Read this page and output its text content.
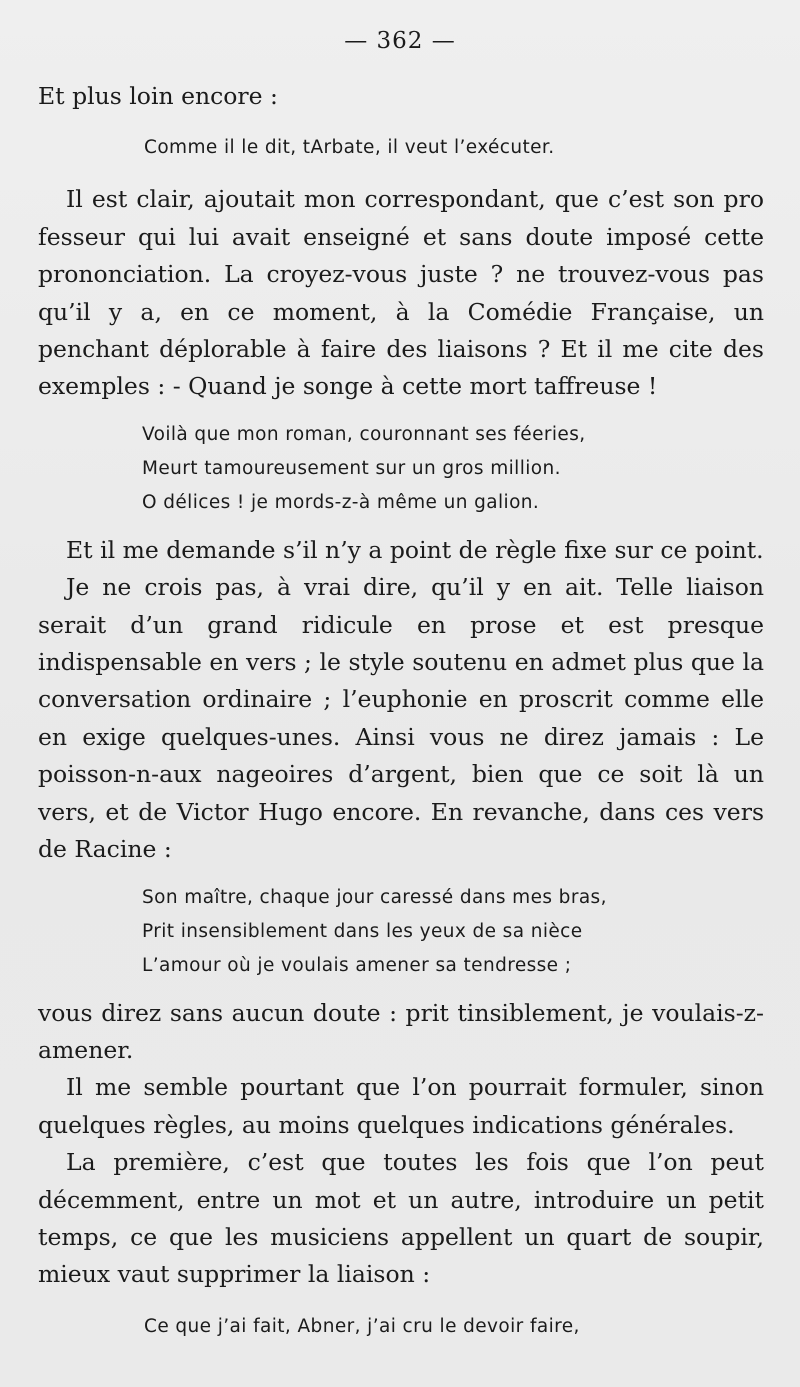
— 362 —

Et plus loin encore :

Comme il le dit, tArbate, il veut l’exécuter.

Il est clair, ajoutait mon correspondant, que c’est son pro fesseur qui lui avait enseigné et sans doute imposé cette prononciation. La croyez-vous juste ? ne trouvez-vous pas qu’il y a, en ce moment, à la Comédie Française, un penchant déplorable à faire des liaisons ? Et il me cite des exemples : - Quand je songe à cette mort taffreuse !

Voilà que mon roman, couronnant ses féeries,
Meurt tamoureusement sur un gros million.
O délices ! je mords-z-à même un galion.

Et il me demande s’il n’y a point de règle fixe sur ce point.

Je ne crois pas, à vrai dire, qu’il y en ait. Telle liaison serait d’un grand ridicule en prose et est presque indispensable en vers ; le style soutenu en admet plus que la conversation ordinaire ; l’euphonie en proscrit comme elle en exige quelques-unes. Ainsi vous ne direz jamais : Le poisson-n-aux nageoires d’argent, bien que ce soit là un vers, et de Victor Hugo encore. En revanche, dans ces vers de Racine :

Son maître, chaque jour caressé dans mes bras,
Prit insensiblement dans les yeux de sa nièce
L’amour où je voulais amener sa tendresse ;

vous direz sans aucun doute : prit tinsiblement, je voulais-z-amener.

Il me semble pourtant que l’on pourrait formuler, sinon quelques règles, au moins quelques indications générales.

La première, c’est que toutes les fois que l’on peut décemment, entre un mot et un autre, introduire un petit temps, ce que les musiciens appellent un quart de soupir, mieux vaut supprimer la liaison :

Ce que j’ai fait, Abner, j’ai cru le devoir faire,
